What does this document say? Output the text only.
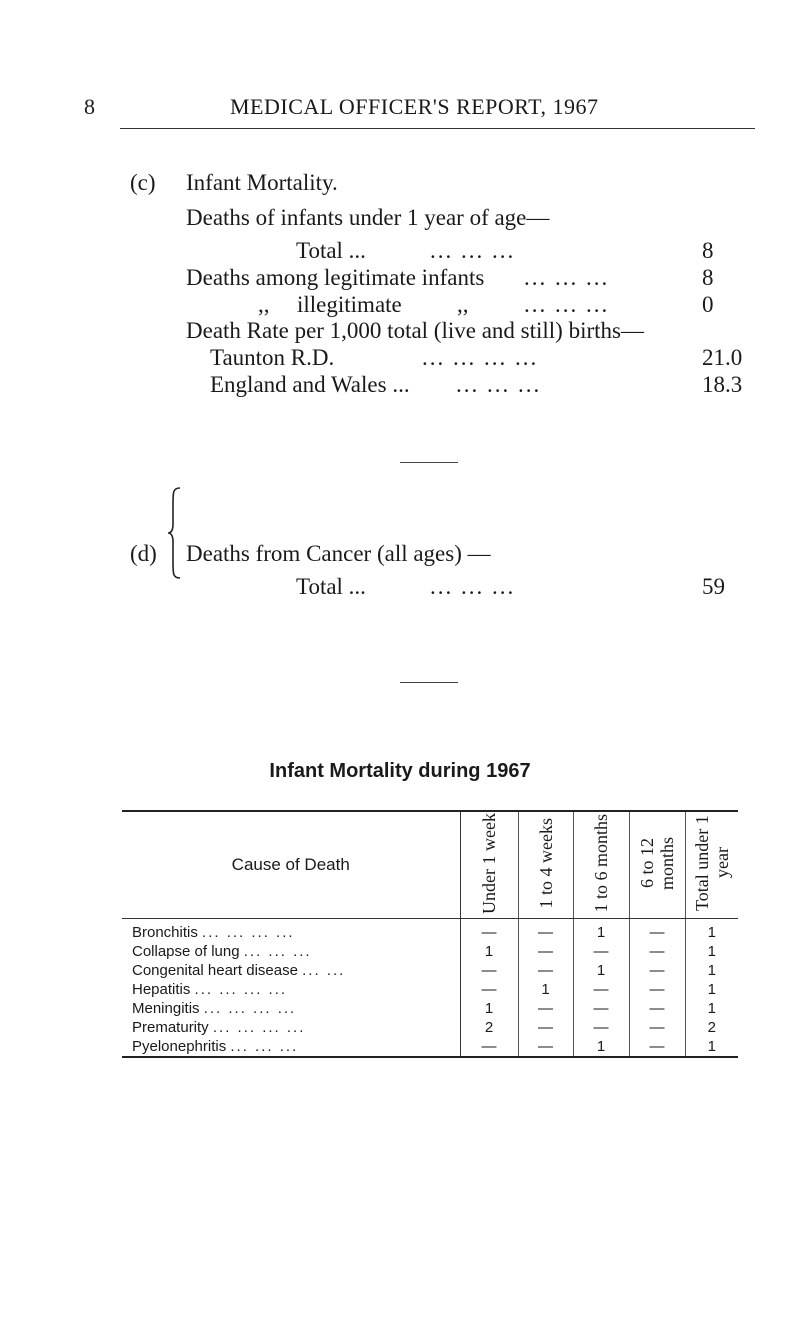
8	MEDICAL OFFICER'S REPORT, 1967
(c) Infant Mortality.
Deaths of infants under 1 year of age—
Total ...	... ... ...	8
Deaths among legitimate infants ... ... ...	8
,, illegitimate ,, ... ... ...	0
Death Rate per 1,000 total (live and still) births—
Taunton R.D.	... ... ... ...	21.0
England and Wales ... ... ... ...	18.3
(d) Deaths from Cancer (all ages) —
Total ...	... ... ...	59
Infant Mortality during 1967
Cause of Death	Under 1 week	1 to 4 weeks	1 to 6 months	6 to 12 months	Total under 1 year
Bronchitis ... ... ... ...	—	—	1	—	1
Collapse of lung ... ... ...	1	—	—	—	1
Congenital heart disease ... ...	—	—	1	—	1
Hepatitis ... ... ... ...	—	1	—	—	1
Meningitis ... ... ... ...	1	—	—	—	1
Prematurity ... ... ... ...	2	—	—	—	2
Pyelonephritis ... ... ...	—	—	1	—	1
